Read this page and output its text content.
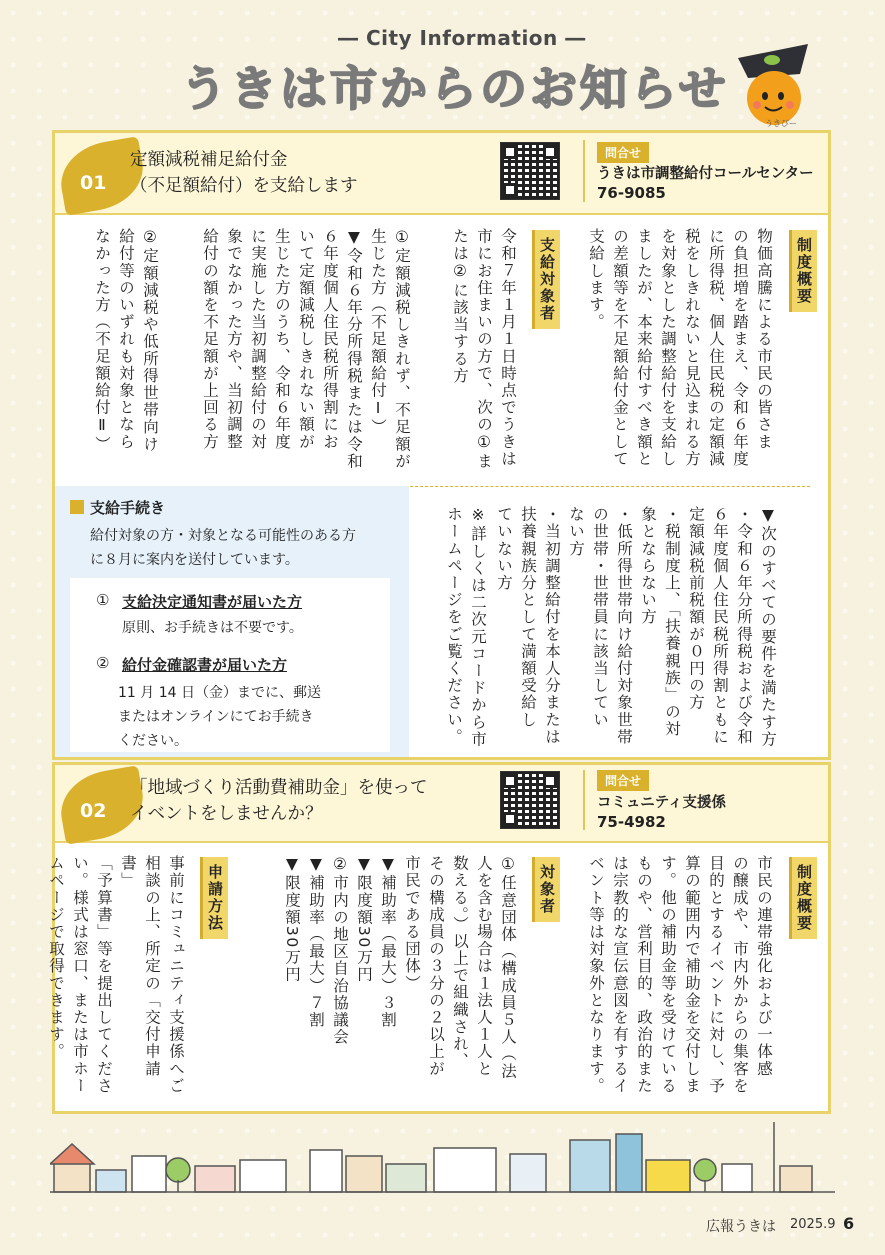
― City Information ―
うきは市からのお知らせ
うきぴー
01
定額減税補足給付金
（不足額給付）を支給します
問合せ
うきは市調整給付コールセンター
76-9085
制度概要
物価高騰による市民の皆さま
の負担増を踏まえ、令和６年度
に所得税、個人住民税の定額減
税をしきれないと見込まれる方
を対象とした調整給付を支給し
ましたが、本来給付すべき額と
の差額等を不足額給付金として
支給します。
支給対象者
令和７年１月１日時点でうきは
市にお住まいの方で、次の①ま
たは②に該当する方
①定額減税しきれず、不足額が
生じた方（不足額給付Ⅰ）
▼令和６年分所得税または令和
６年度個人住民税所得割にお
いて定額減税しきれない額が
生じた方のうち、令和６年度
に実施した当初調整給付の対
象でなかった方や、当初調整
給付の額を不足額が上回る方
②定額減税や低所得世帯向け
給付等のいずれも対象となら
なかった方（不足額給付Ⅱ）
▼次のすべての要件を満たす方
・令和６年分所得税および令和
６年度個人住民税所得割ともに定額減税前税額が０円の方
・税制度上、「扶養親族」の対
象とならない方
・低所得世帯向け給付対象世帯
の世帯・世帯員に該当してい
ない方
・当初調整給付を本人分または
扶養親族分として満額受給し
ていない方
※詳しくは二次元コードから市
ホームページをご覧ください。
支給手続き
給付対象の方・対象となる可能性のある方
に８月に案内を送付しています。
① 支給決定通知書が届いた方
原則、お手続きは不要です。
② 給付金確認書が届いた方
11 月 14 日（金）までに、郵送
またはオンラインにてお手続き
ください。
02
「地域づくり活動費補助金」を使って
イベントをしませんか？
問合せ
コミュニティ支援係
75-4982
制度概要
市民の連帯強化および一体感
の醸成や、市内外からの集客を
目的とするイベントに対し、予
算の範囲内で補助金を交付しま
す。他の補助金等を受けている
ものや、営利目的、政治的また
は宗教的な宣伝意図を有するイ
ベント等は対象外となります。
対象者
①任意団体（構成員５人（法
人を含む場合は１法人１人と
数える。）以上で組織され、
その構成員の３分の２以上が
市民である団体）
▼補助率（最大）３割
▼限度額30万円
②市内の地区自治協議会
▼補助率（最大）７割
▼限度額30万円
申請方法
事前にコミュニティ支援係へご
相談の上、所定の「交付申請書」
「予算書」等を提出してくださ
い。様式は窓口、または市ホー
ムページで取得できます。
広報うきは 2025.9 6
